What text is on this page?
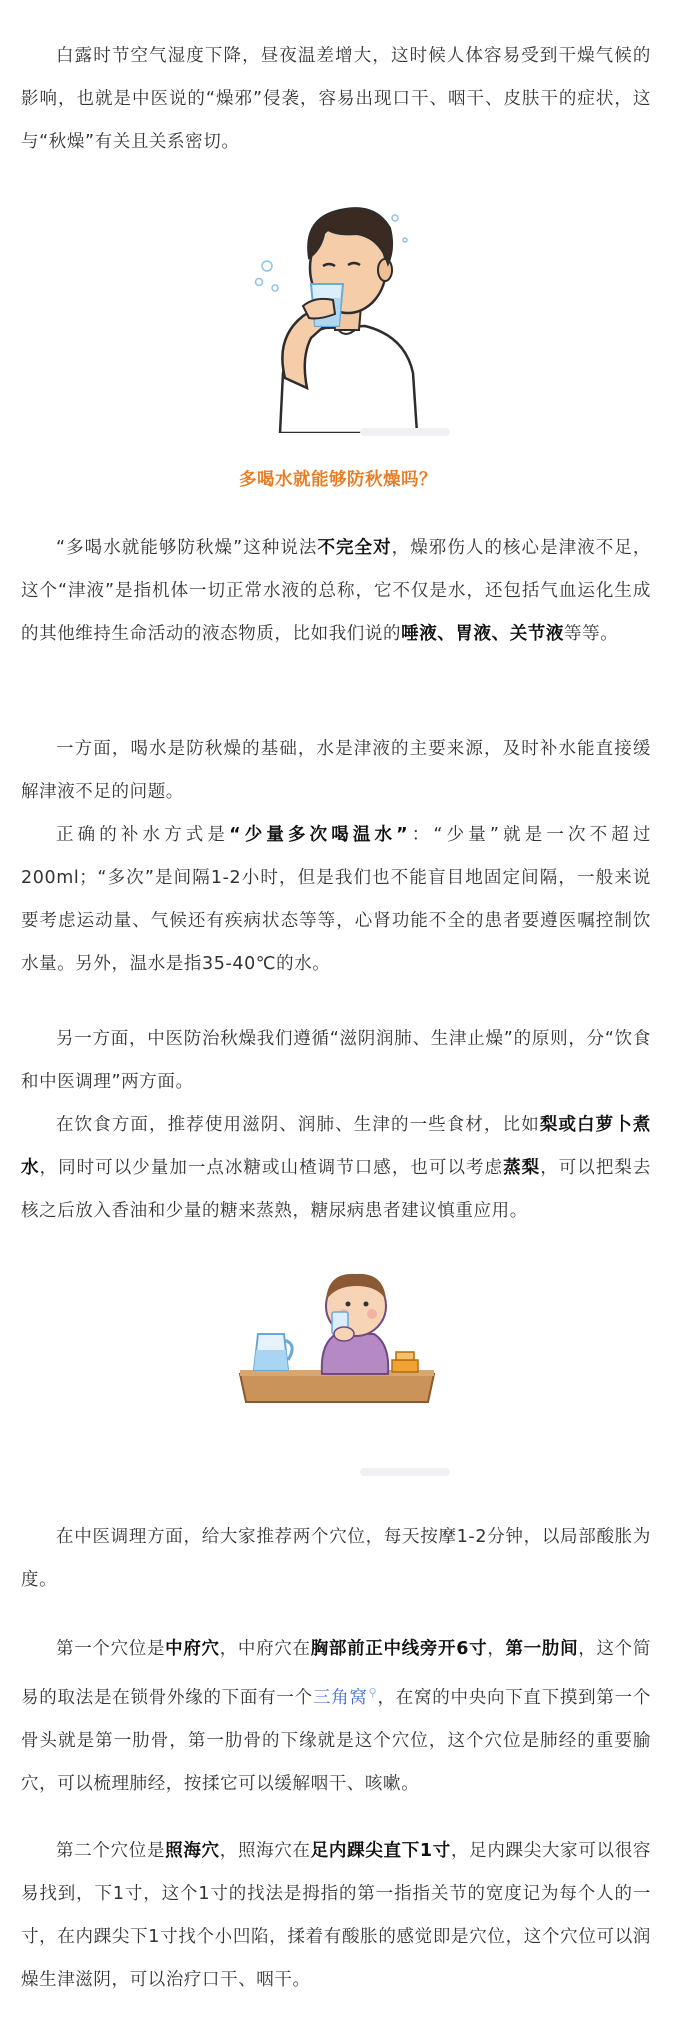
白露时节空气湿度下降，昼夜温差增大，这时候人体容易受到干燥气候的影响，也就是中医说的“燥邪”侵袭，容易出现口干、咽干、皮肤干的症状，这与“秋燥”有关且关系密切。

多喝水就能够防秋燥吗？

“多喝水就能够防秋燥”这种说法不完全对，燥邪伤人的核心是津液不足，这个“津液”是指机体一切正常水液的总称，它不仅是水，还包括气血运化生成的其他维持生命活动的液态物质，比如我们说的唾液、胃液、关节液等等。

一方面，喝水是防秋燥的基础，水是津液的主要来源，及时补水能直接缓解津液不足的问题。

正确的补水方式是“少量多次喝温水”：“少量”就是一次不超过200ml；“多次”是间隔1-2小时，但是我们也不能盲目地固定间隔，一般来说要考虑运动量、气候还有疾病状态等等，心肾功能不全的患者要遵医嘱控制饮水量。另外，温水是指35-40℃的水。

另一方面，中医防治秋燥我们遵循“滋阴润肺、生津止燥”的原则，分“饮食和中医调理”两方面。

在饮食方面，推荐使用滋阴、润肺、生津的一些食材，比如梨或白萝卜煮水，同时可以少量加一点冰糖或山楂调节口感，也可以考虑蒸梨，可以把梨去核之后放入香油和少量的糖来蒸熟，糖尿病患者建议慎重应用。

在中医调理方面，给大家推荐两个穴位，每天按摩1-2分钟，以局部酸胀为度。

第一个穴位是中府穴，中府穴在胸部前正中线旁开6寸，第一肋间，这个简易的取法是在锁骨外缘的下面有一个三角窝⚲，在窝的中央向下直下摸到第一个骨头就是第一肋骨，第一肋骨的下缘就是这个穴位，这个穴位是肺经的重要腧穴，可以梳理肺经，按揉它可以缓解咽干、咳嗽。

第二个穴位是照海穴，照海穴在足内踝尖直下1寸，足内踝尖大家可以很容易找到，下1寸，这个1寸的找法是拇指的第一指指关节的宽度记为每个人的一寸，在内踝尖下1寸找个小凹陷，揉着有酸胀的感觉即是穴位，这个穴位可以润燥生津滋阴，可以治疗口干、咽干。
